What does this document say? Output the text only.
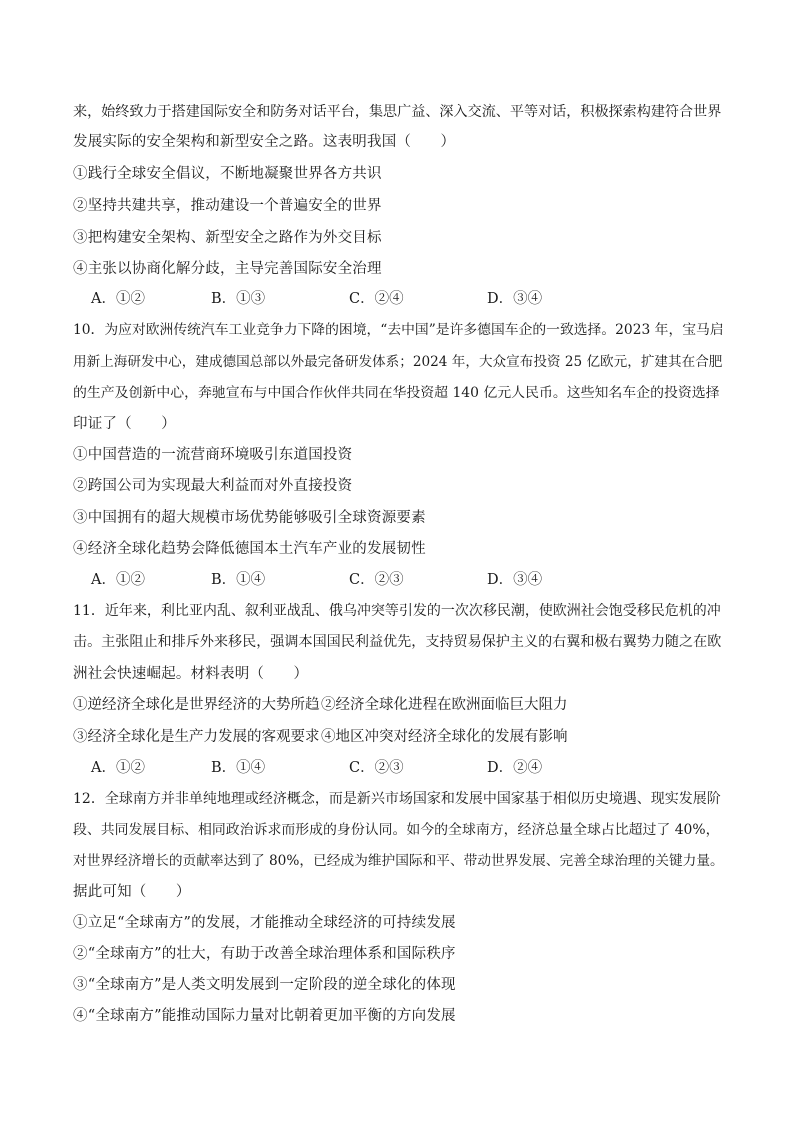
来，始终致力于搭建国际安全和防务对话平台，集思广益、深入交流、平等对话，积极探索构建符合世界
发展实际的安全架构和新型安全之路。这表明我国（　　）
①践行全球安全倡议，不断地凝聚世界各方共识
②坚持共建共享，推动建设一个普遍安全的世界
③把构建安全架构、新型安全之路作为外交目标
④主张以协商化解分歧，主导完善国际安全治理
A．①②	B．①③	C．②④	D．③④
10．为应对欧洲传统汽车工业竞争力下降的困境，“去中国”是许多德国车企的一致选择。2023 年，宝马启
用新上海研发中心，建成德国总部以外最完备研发体系；2024 年，大众宣布投资 25 亿欧元，扩建其在合肥
的生产及创新中心，奔驰宣布与中国合作伙伴共同在华投资超 140 亿元人民币。这些知名车企的投资选择
印证了（　　）
①中国营造的一流营商环境吸引东道国投资
②跨国公司为实现最大利益而对外直接投资
③中国拥有的超大规模市场优势能够吸引全球资源要素
④经济全球化趋势会降低德国本土汽车产业的发展韧性
A．①②	B．①④	C．②③	D．③④
11．近年来，利比亚内乱、叙利亚战乱、俄乌冲突等引发的一次次移民潮，使欧洲社会饱受移民危机的冲
击。主张阻止和排斥外来移民，强调本国国民利益优先，支持贸易保护主义的右翼和极右翼势力随之在欧
洲社会快速崛起。材料表明（　　）
①逆经济全球化是世界经济的大势所趋 ②经济全球化进程在欧洲面临巨大阻力
③经济全球化是生产力发展的客观要求 ④地区冲突对经济全球化的发展有影响
A．①②	B．①④	C．②③	D．②④
12．全球南方并非单纯地理或经济概念，而是新兴市场国家和发展中国家基于相似历史境遇、现实发展阶
段、共同发展目标、相同政治诉求而形成的身份认同。如今的全球南方，经济总量全球占比超过了 40%，
对世界经济增长的贡献率达到了 80%，已经成为维护国际和平、带动世界发展、完善全球治理的关键力量。
据此可知（　　）
①立足“全球南方”的发展，才能推动全球经济的可持续发展
②“全球南方”的壮大，有助于改善全球治理体系和国际秩序
③“全球南方”是人类文明发展到一定阶段的逆全球化的体现
④“全球南方”能推动国际力量对比朝着更加平衡的方向发展
